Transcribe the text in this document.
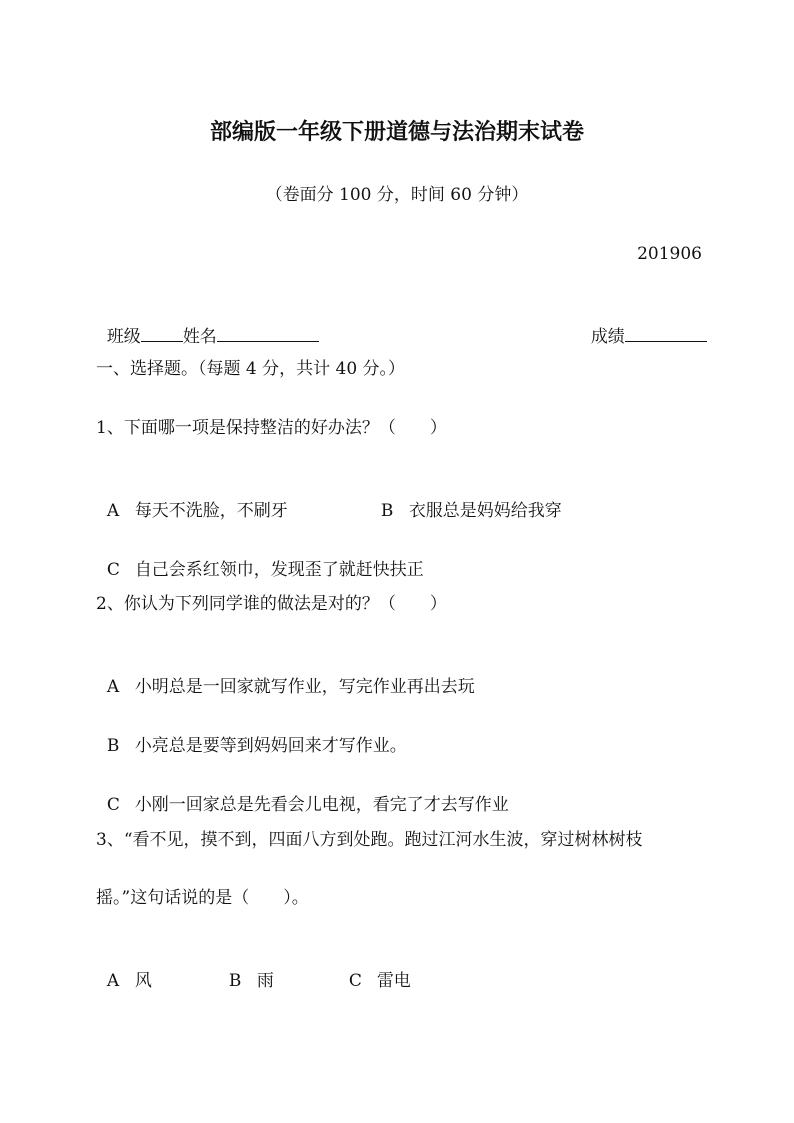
部编版一年级下册道德与法治期末试卷
（卷面分 100 分，时间 60 分钟）
201906

班级 姓名	成绩

一、选择题。（每题 4 分，共计 40 分。）
1、下面哪一项是保持整洁的好办法？（　　）

A 每天不洗脸，不刷牙	B 衣服总是妈妈给我穿

C 自己会系红领巾，发现歪了就赶快扶正

2、你认为下列同学谁的做法是对的？（　　）

A 小明总是一回家就写作业，写完作业再出去玩

B 小亮总是要等到妈妈回来才写作业。

C 小刚一回家总是先看会儿电视，看完了才去写作业

3、“看不见，摸不到，四面八方到处跑。跑过江河水生波，穿过树林树枝
摇。”这句话说的是（　　）。

A 风	B 雨	C 雷电
